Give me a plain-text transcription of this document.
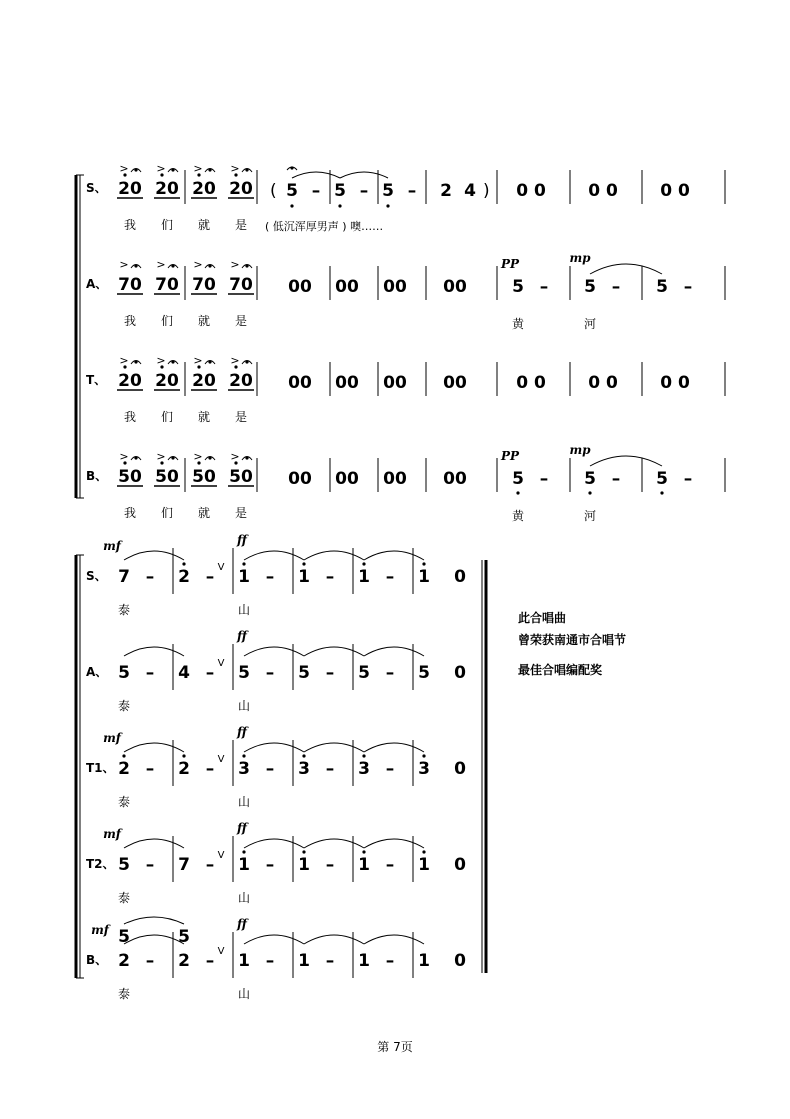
S、 20
>
我
20
>
们
20
>
就
20
>
是
( 5 – 5 – 5 – 2 4 ) 0 0 0 0 0 0
( 低沉浑厚男声 ) 噢……
A、 70
>
我
70
>
们
70
>
就
70
>
是
00 00 00 00	5 – 5 – 5 –
PP	mp
黄	河
T、 20
>
我
20
>
们
20
>
就
20
>
是
00 00 00 00	0 0 0 0 0 0
B、 50
>
我
50
>
们
50
>
就
50
>
是
00 00 00 00	5 – 5 – 5 –
PP	mp
黄	河
S、 7 – 2 – 1 – 1 – 1 – 1 0
mf	ff
V
泰	山
A、 5 – 4 – 5 – 5 – 5 – 5 0
ff
V
泰	山
T1、 2 – 2 – 3 – 3 – 3 – 3 0
mf	ff
V
泰	山
T2、 5 – 7 – 1 – 1 – 1 – 1 0
mf	ff
V
泰	山
B、 2 – 2 – 1 – 1 – 1 – 1 0
mf	ff
V
泰	山
5	5
此合唱曲
曾荣获南通市合唱节
最佳合唱编配奖
第 7页
